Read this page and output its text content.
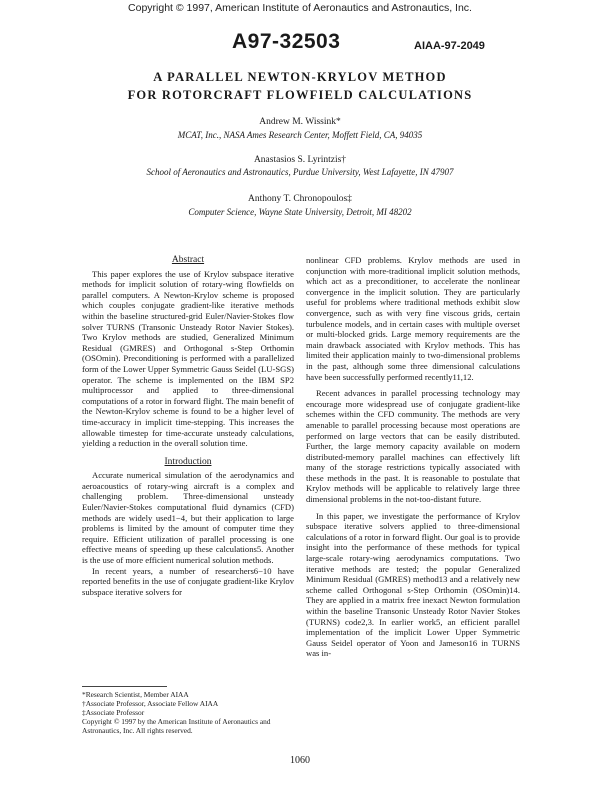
Copyright © 1997, American Institute of Aeronautics and Astronautics, Inc.
A97-32503	AIAA-97-2049
A PARALLEL NEWTON-KRYLOV METHOD
FOR ROTORCRAFT FLOWFIELD CALCULATIONS
Andrew M. Wissink*
MCAT, Inc., NASA Ames Research Center, Moffett Field, CA, 94035
Anastasios S. Lyrintzis†
School of Aeronautics and Astronautics, Purdue University, West Lafayette, IN 47907
Anthony T. Chronopoulos‡
Computer Science, Wayne State University, Detroit, MI 48202
Abstract

This paper explores the use of Krylov subspace iterative methods for implicit solution of rotary-wing flowfields on parallel computers. A Newton-Krylov scheme is proposed which couples conjugate gradient-like iterative methods within the baseline structured-grid Euler/Navier-Stokes flow solver TURNS (Transonic Unsteady Rotor Navier Stokes). Two Krylov methods are studied, Generalized Minimum Residual (GMRES) and Orthogonal s-Step Orthomin (OSOmin). Preconditioning is performed with a parallelized form of the Lower Upper Symmetric Gauss Seidel (LU-SGS) operator. The scheme is implemented on the IBM SP2 multiprocessor and applied to three-dimensional computations of a rotor in forward flight. The main benefit of the Newton-Krylov scheme is found to be a higher level of time-accuracy in implicit time-stepping. This increases the allowable timestep for time-accurate unsteady calculations, yielding a reduction in the overall solution time.

Introduction

Accurate numerical simulation of the aerodynamics and aeroacoustics of rotary-wing aircraft is a complex and challenging problem. Three-dimensional unsteady Euler/Navier-Stokes computational fluid dynamics (CFD) methods are widely used1−4, but their application to large problems is limited by the amount of computer time they require. Efficient utilization of parallel processing is one effective means of speeding up these calculations5. Another is the use of more efficient numerical solution methods.

In recent years, a number of researchers6−10 have reported benefits in the use of conjugate gradient-like Krylov subspace iterative solvers for

*Research Scientist, Member AIAA
†Associate Professor, Associate Fellow AIAA
‡Associate Professor
Copyright © 1997 by the American Institute of Aeronautics and Astronautics, Inc. All rights reserved.

nonlinear CFD problems. Krylov methods are used in conjunction with more-traditional implicit solution methods, which act as a preconditioner, to accelerate the nonlinear convergence in the implicit solution. They are particularly useful for problems where traditional methods exhibit slow convergence, such as with very fine viscous grids, certain turbulence models, and in certain cases with multiple overset or multi-blocked grids. Large memory requirements are the main drawback associated with Krylov methods. This has limited their application mainly to two-dimensional problems in the past, although some three dimensional calculations have been successfully performed recently11,12.

Recent advances in parallel processing technology may encourage more widespread use of conjugate gradient-like schemes within the CFD community. The methods are very amenable to parallel processing because most operations are performed on large vectors that can be easily distributed. Further, the large memory capacity available on modern distributed-memory parallel machines can effectively lift many of the storage restrictions typically associated with these methods in the past. It is reasonable to postulate that Krylov methods will be applicable to relatively large three dimensional problems in the not-too-distant future.

In this paper, we investigate the performance of Krylov subspace iterative solvers applied to three-dimensional calculations of a rotor in forward flight. Our goal is to provide insight into the performance of these methods for typical large-scale rotary-wing aerodynamics computations. Two iterative methods are tested; the popular Generalized Minimum Residual (GMRES) method13 and a relatively new scheme called Orthogonal s-Step Orthomin (OSOmin)14. They are applied in a matrix free inexact Newton formulation within the baseline Transonic Unsteady Rotor Navier Stokes (TURNS) code2,3. In earlier work5, an efficient parallel implementation of the implicit Lower Upper Symmetric Gauss Seidel operator of Yoon and Jameson16 in TURNS was in-

1060
